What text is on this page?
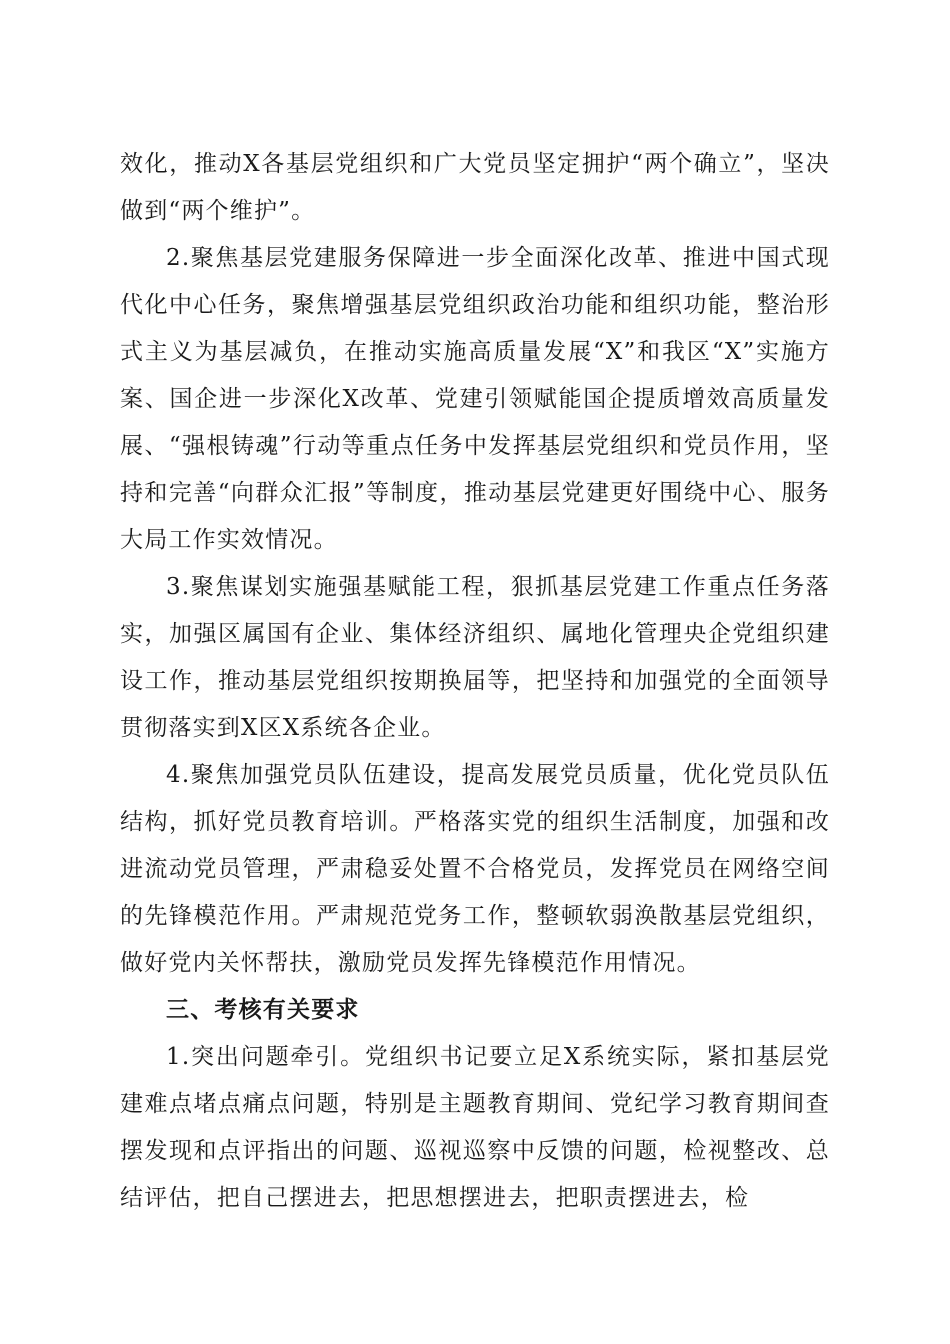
效化，推动X各基层党组织和广大党员坚定拥护“两个确立”，坚决做到“两个维护”。

2.聚焦基层党建服务保障进一步全面深化改革、推进中国式现代化中心任务，聚焦增强基层党组织政治功能和组织功能，整治形式主义为基层减负，在推动实施高质量发展“X”和我区“X”实施方案、国企进一步深化X改革、党建引领赋能国企提质增效高质量发展、“强根铸魂”行动等重点任务中发挥基层党组织和党员作用，坚持和完善“向群众汇报”等制度，推动基层党建更好围绕中心、服务大局工作实效情况。

3.聚焦谋划实施强基赋能工程，狠抓基层党建工作重点任务落实，加强区属国有企业、集体经济组织、属地化管理央企党组织建设工作，推动基层党组织按期换届等，把坚持和加强党的全面领导贯彻落实到X区X系统各企业。

4.聚焦加强党员队伍建设，提高发展党员质量，优化党员队伍结构，抓好党员教育培训。严格落实党的组织生活制度，加强和改进流动党员管理，严肃稳妥处置不合格党员，发挥党员在网络空间的先锋模范作用。严肃规范党务工作，整顿软弱涣散基层党组织，做好党内关怀帮扶，激励党员发挥先锋模范作用情况。

三、考核有关要求

1.突出问题牵引。党组织书记要立足X系统实际，紧扣基层党建难点堵点痛点问题，特别是主题教育期间、党纪学习教育期间查摆发现和点评指出的问题、巡视巡察中反馈的问题，检视整改、总结评估，把自己摆进去，把思想摆进去，把职责摆进去，检
